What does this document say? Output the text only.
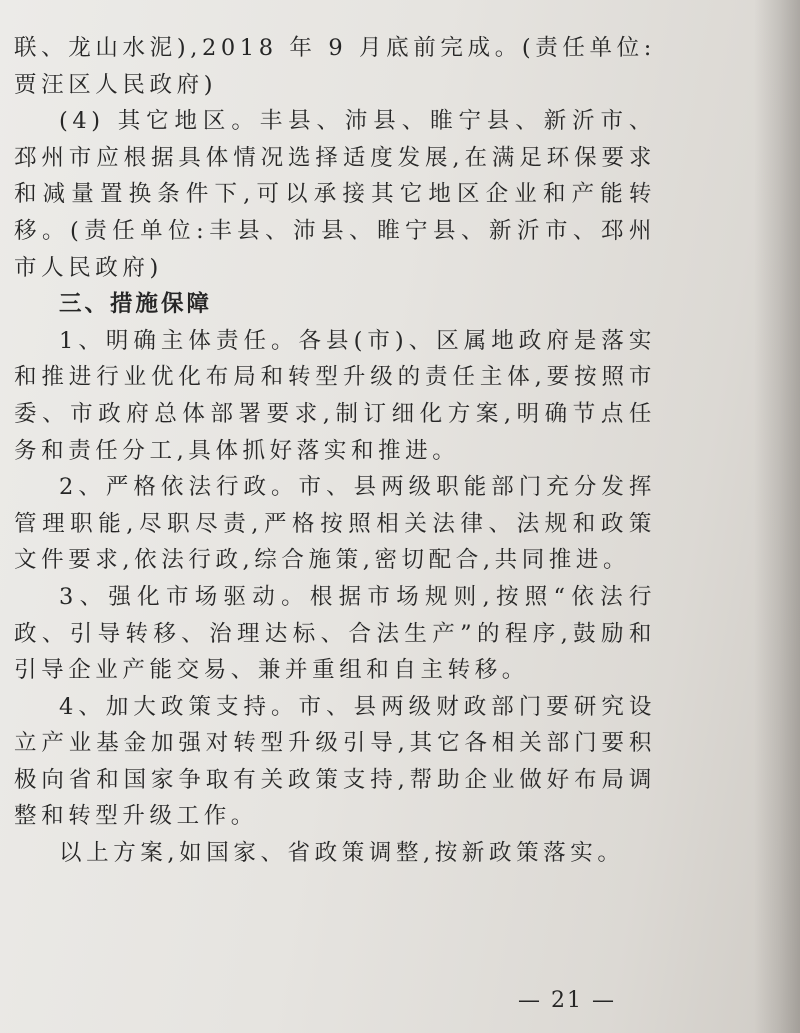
联、龙山水泥),2018 年 9 月底前完成。(责任单位:贾汪区人民政府)

(4) 其它地区。丰县、沛县、睢宁县、新沂市、邳州市应根据具体情况选择适度发展,在满足环保要求和减量置换条件下,可以承接其它地区企业和产能转移。(责任单位:丰县、沛县、睢宁县、新沂市、邳州市人民政府)

三、措施保障

1、明确主体责任。各县(市)、区属地政府是落实和推进行业优化布局和转型升级的责任主体,要按照市委、市政府总体部署要求,制订细化方案,明确节点任务和责任分工,具体抓好落实和推进。

2、严格依法行政。市、县两级职能部门充分发挥管理职能,尽职尽责,严格按照相关法律、法规和政策文件要求,依法行政,综合施策,密切配合,共同推进。

3、强化市场驱动。根据市场规则,按照“依法行政、引导转移、治理达标、合法生产”的程序,鼓励和引导企业产能交易、兼并重组和自主转移。

4、加大政策支持。市、县两级财政部门要研究设立产业基金加强对转型升级引导,其它各相关部门要积极向省和国家争取有关政策支持,帮助企业做好布局调整和转型升级工作。

以上方案,如国家、省政策调整,按新政策落实。

— 21 —
